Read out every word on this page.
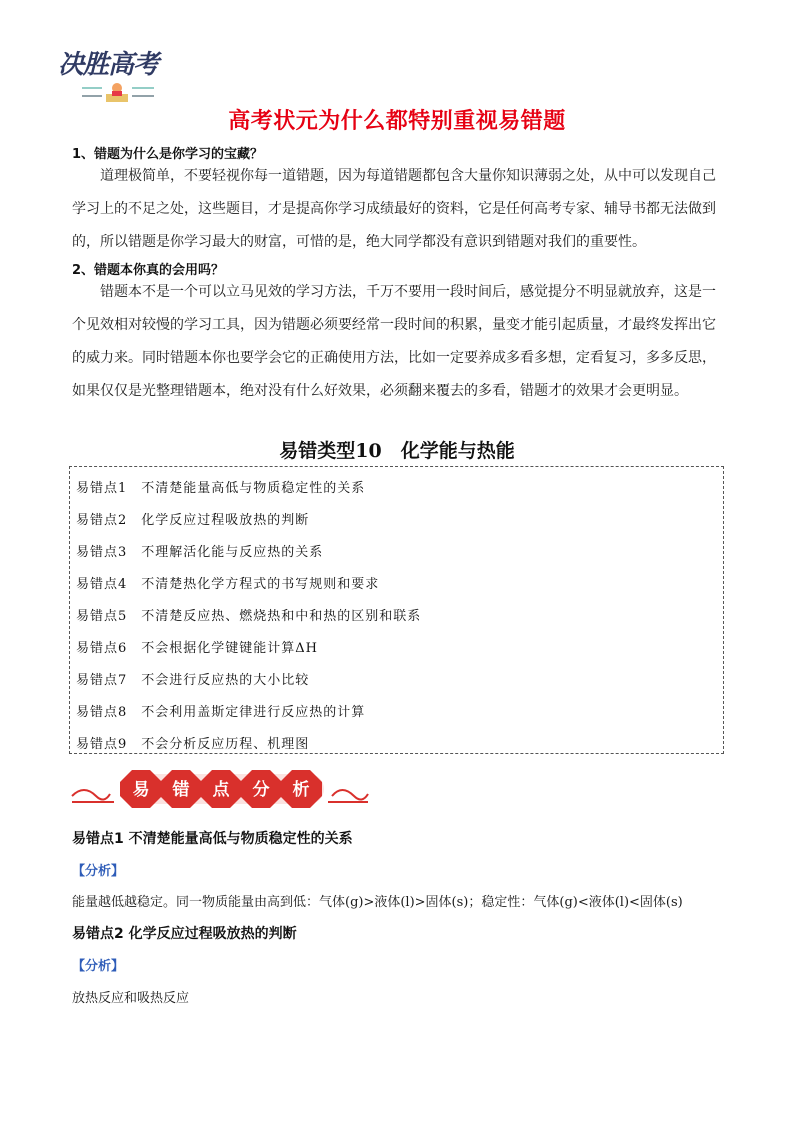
决胜高考
高考状元为什么都特别重视易错题
1、错题为什么是你学习的宝藏？
道理极简单，不要轻视你每一道错题，因为每道错题都包含大量你知识薄弱之处，从中可以发现自己
学习上的不足之处，这些题目，才是提高你学习成绩最好的资料，它是任何高考专家、辅导书都无法做到
的，所以错题是你学习最大的财富，可惜的是，绝大同学都没有意识到错题对我们的重要性。
2、错题本你真的会用吗？
错题本不是一个可以立马见效的学习方法，千万不要用一段时间后，感觉提分不明显就放弃，这是一
个见效相对较慢的学习工具，因为错题必须要经常一段时间的积累，量变才能引起质量，才最终发挥出它
的威力来。同时错题本你也要学会它的正确使用方法，比如一定要养成多看多想，定看复习，多多反思，
如果仅仅是光整理错题本，绝对没有什么好效果，必须翻来覆去的多看，错题才的效果才会更明显。
易错类型10　化学能与热能
易错点1　不清楚能量高低与物质稳定性的关系
易错点2　化学反应过程吸放热的判断
易错点3　不理解活化能与反应热的关系
易错点4　不清楚热化学方程式的书写规则和要求
易错点5　不清楚反应热、燃烧热和中和热的区别和联系
易错点6　不会根据化学键键能计算ΔH
易错点7　不会进行反应热的大小比较
易错点8　不会利用盖斯定律进行反应热的计算
易错点9　不会分析反应历程、机理图
易 错 点 分 析
易错点1 不清楚能量高低与物质稳定性的关系
【分析】
能量越低越稳定。同一物质能量由高到低：气体(g)>液体(l)>固体(s)；稳定性：气体(g)<液体(l)<固体(s)
易错点2 化学反应过程吸放热的判断
【分析】
放热反应和吸热反应
